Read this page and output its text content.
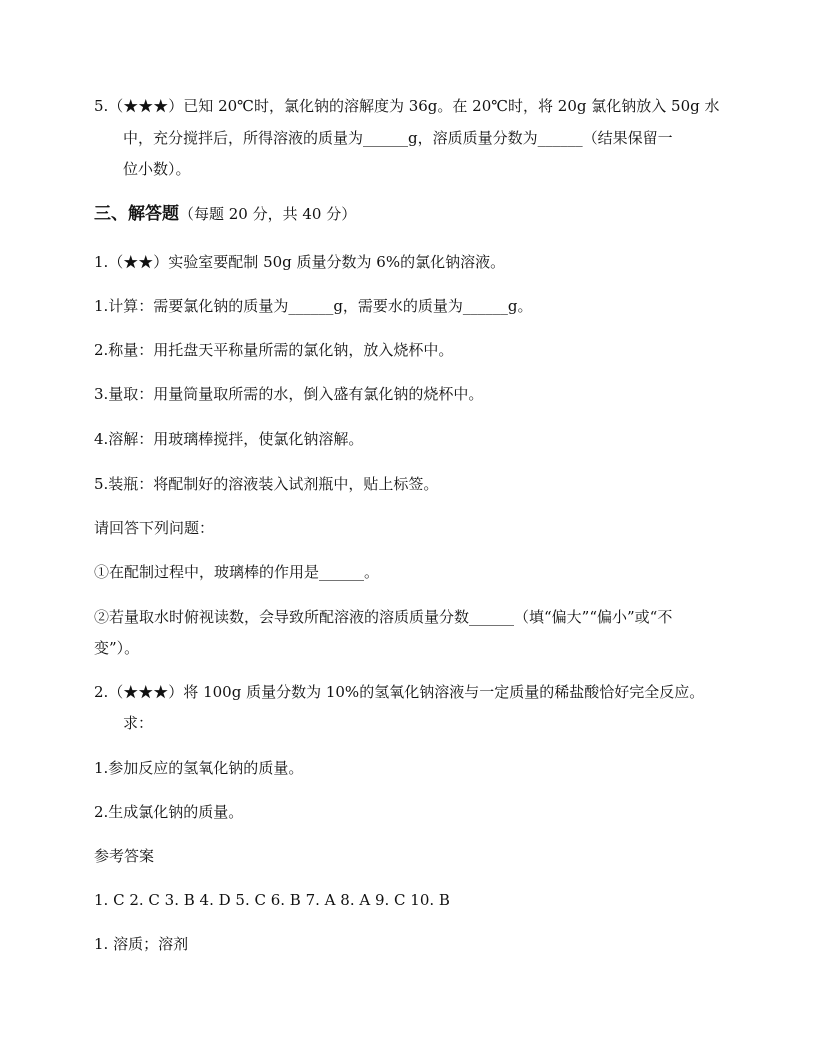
5.（★★★）已知 20℃时，氯化钠的溶解度为 36g。在 20℃时，将 20g 氯化钠放入 50g 水
中，充分搅拌后，所得溶液的质量为______g，溶质质量分数为______（结果保留一
位小数）。
三、解答题（每题 20 分，共 40 分）
1.（★★）实验室要配制 50g 质量分数为 6%的氯化钠溶液。
1.计算：需要氯化钠的质量为______g，需要水的质量为______g。
2.称量：用托盘天平称量所需的氯化钠，放入烧杯中。
3.量取：用量筒量取所需的水，倒入盛有氯化钠的烧杯中。
4.溶解：用玻璃棒搅拌，使氯化钠溶解。
5.装瓶：将配制好的溶液装入试剂瓶中，贴上标签。
请回答下列问题：
①在配制过程中，玻璃棒的作用是______。
②若量取水时俯视读数，会导致所配溶液的溶质质量分数______（填“偏大”“偏小”或“不
变”）。
2.（★★★）将 100g 质量分数为 10%的氢氧化钠溶液与一定质量的稀盐酸恰好完全反应。
求：
1.参加反应的氢氧化钠的质量。
2.生成氯化钠的质量。
参考答案
1. C 2. C 3. B 4. D 5. C 6. B 7. A 8. A 9. C 10. B
1. 溶质；溶剂
